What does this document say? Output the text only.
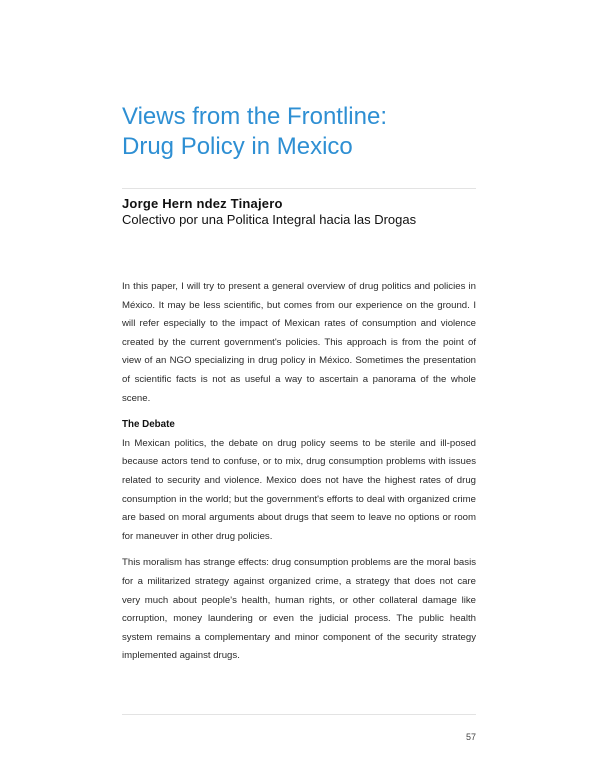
Views from the Frontline:
Drug Policy in Mexico
Jorge Hern ndez Tinajero
Colectivo por una Politica Integral hacia las Drogas

In this paper, I will try to present a general overview of drug politics and policies in México. It may be less scientific, but comes from our experience on the ground. I will refer especially to the impact of Mexican rates of consumption and violence created by the current government's policies. This approach is from the point of view of an NGO specializing in drug policy in México. Sometimes the presentation of scientific facts is not as useful a way to ascertain a panorama of the whole scene.

The Debate

In Mexican politics, the debate on drug policy seems to be sterile and ill-posed because actors tend to confuse, or to mix, drug consumption problems with issues related to security and violence. Mexico does not have the highest rates of drug consumption in the world; but the government's efforts to deal with organized crime are based on moral arguments about drugs that seem to leave no options or room for maneuver in other drug policies.

This moralism has strange effects: drug consumption problems are the moral basis for a militarized strategy against organized crime, a strategy that does not care very much about people's health, human rights, or other collateral damage like corruption, money laundering or even the judicial process. The public health system remains a complementary and minor component of the security strategy implemented against drugs.

57
